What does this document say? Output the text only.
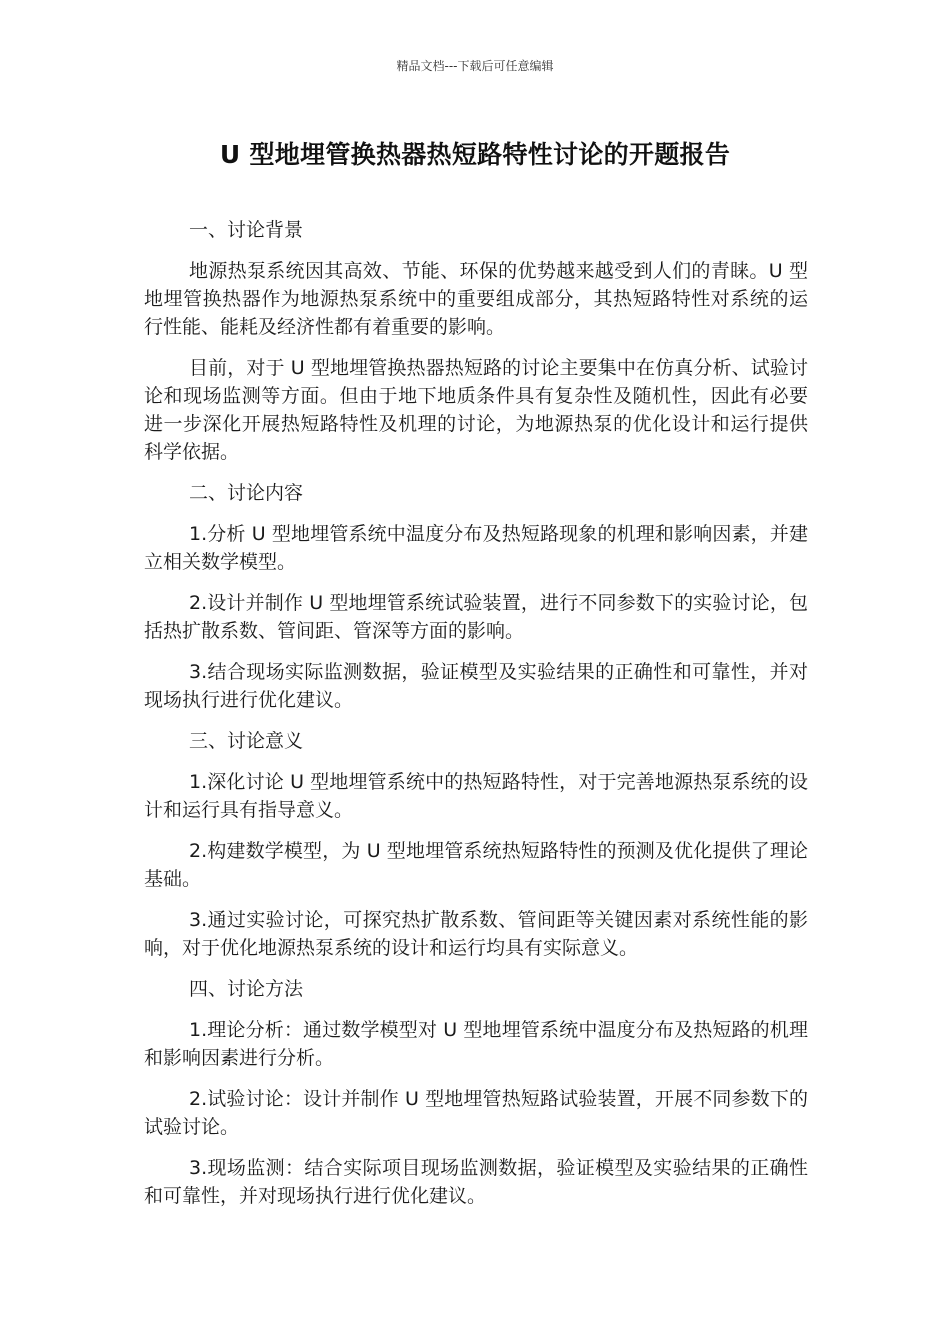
精品文档---下载后可任意编辑
U 型地埋管换热器热短路特性讨论的开题报告

一、讨论背景

地源热泵系统因其高效、节能、环保的优势越来越受到人们的青睐。U 型地埋管换热器作为地源热泵系统中的重要组成部分，其热短路特性对系统的运行性能、能耗及经济性都有着重要的影响。

目前，对于 U 型地埋管换热器热短路的讨论主要集中在仿真分析、试验讨论和现场监测等方面。但由于地下地质条件具有复杂性及随机性，因此有必要进一步深化开展热短路特性及机理的讨论，为地源热泵的优化设计和运行提供科学依据。

二、讨论内容

1.分析 U 型地埋管系统中温度分布及热短路现象的机理和影响因素，并建立相关数学模型。

2.设计并制作 U 型地埋管系统试验装置，进行不同参数下的实验讨论，包括热扩散系数、管间距、管深等方面的影响。

3.结合现场实际监测数据，验证模型及实验结果的正确性和可靠性，并对现场执行进行优化建议。

三、讨论意义

1.深化讨论 U 型地埋管系统中的热短路特性，对于完善地源热泵系统的设计和运行具有指导意义。

2.构建数学模型，为 U 型地埋管系统热短路特性的预测及优化提供了理论基础。

3.通过实验讨论，可探究热扩散系数、管间距等关键因素对系统性能的影响，对于优化地源热泵系统的设计和运行均具有实际意义。

四、讨论方法

1.理论分析：通过数学模型对 U 型地埋管系统中温度分布及热短路的机理和影响因素进行分析。

2.试验讨论：设计并制作 U 型地埋管热短路试验装置，开展不同参数下的试验讨论。

3.现场监测：结合实际项目现场监测数据，验证模型及实验结果的正确性和可靠性，并对现场执行进行优化建议。
